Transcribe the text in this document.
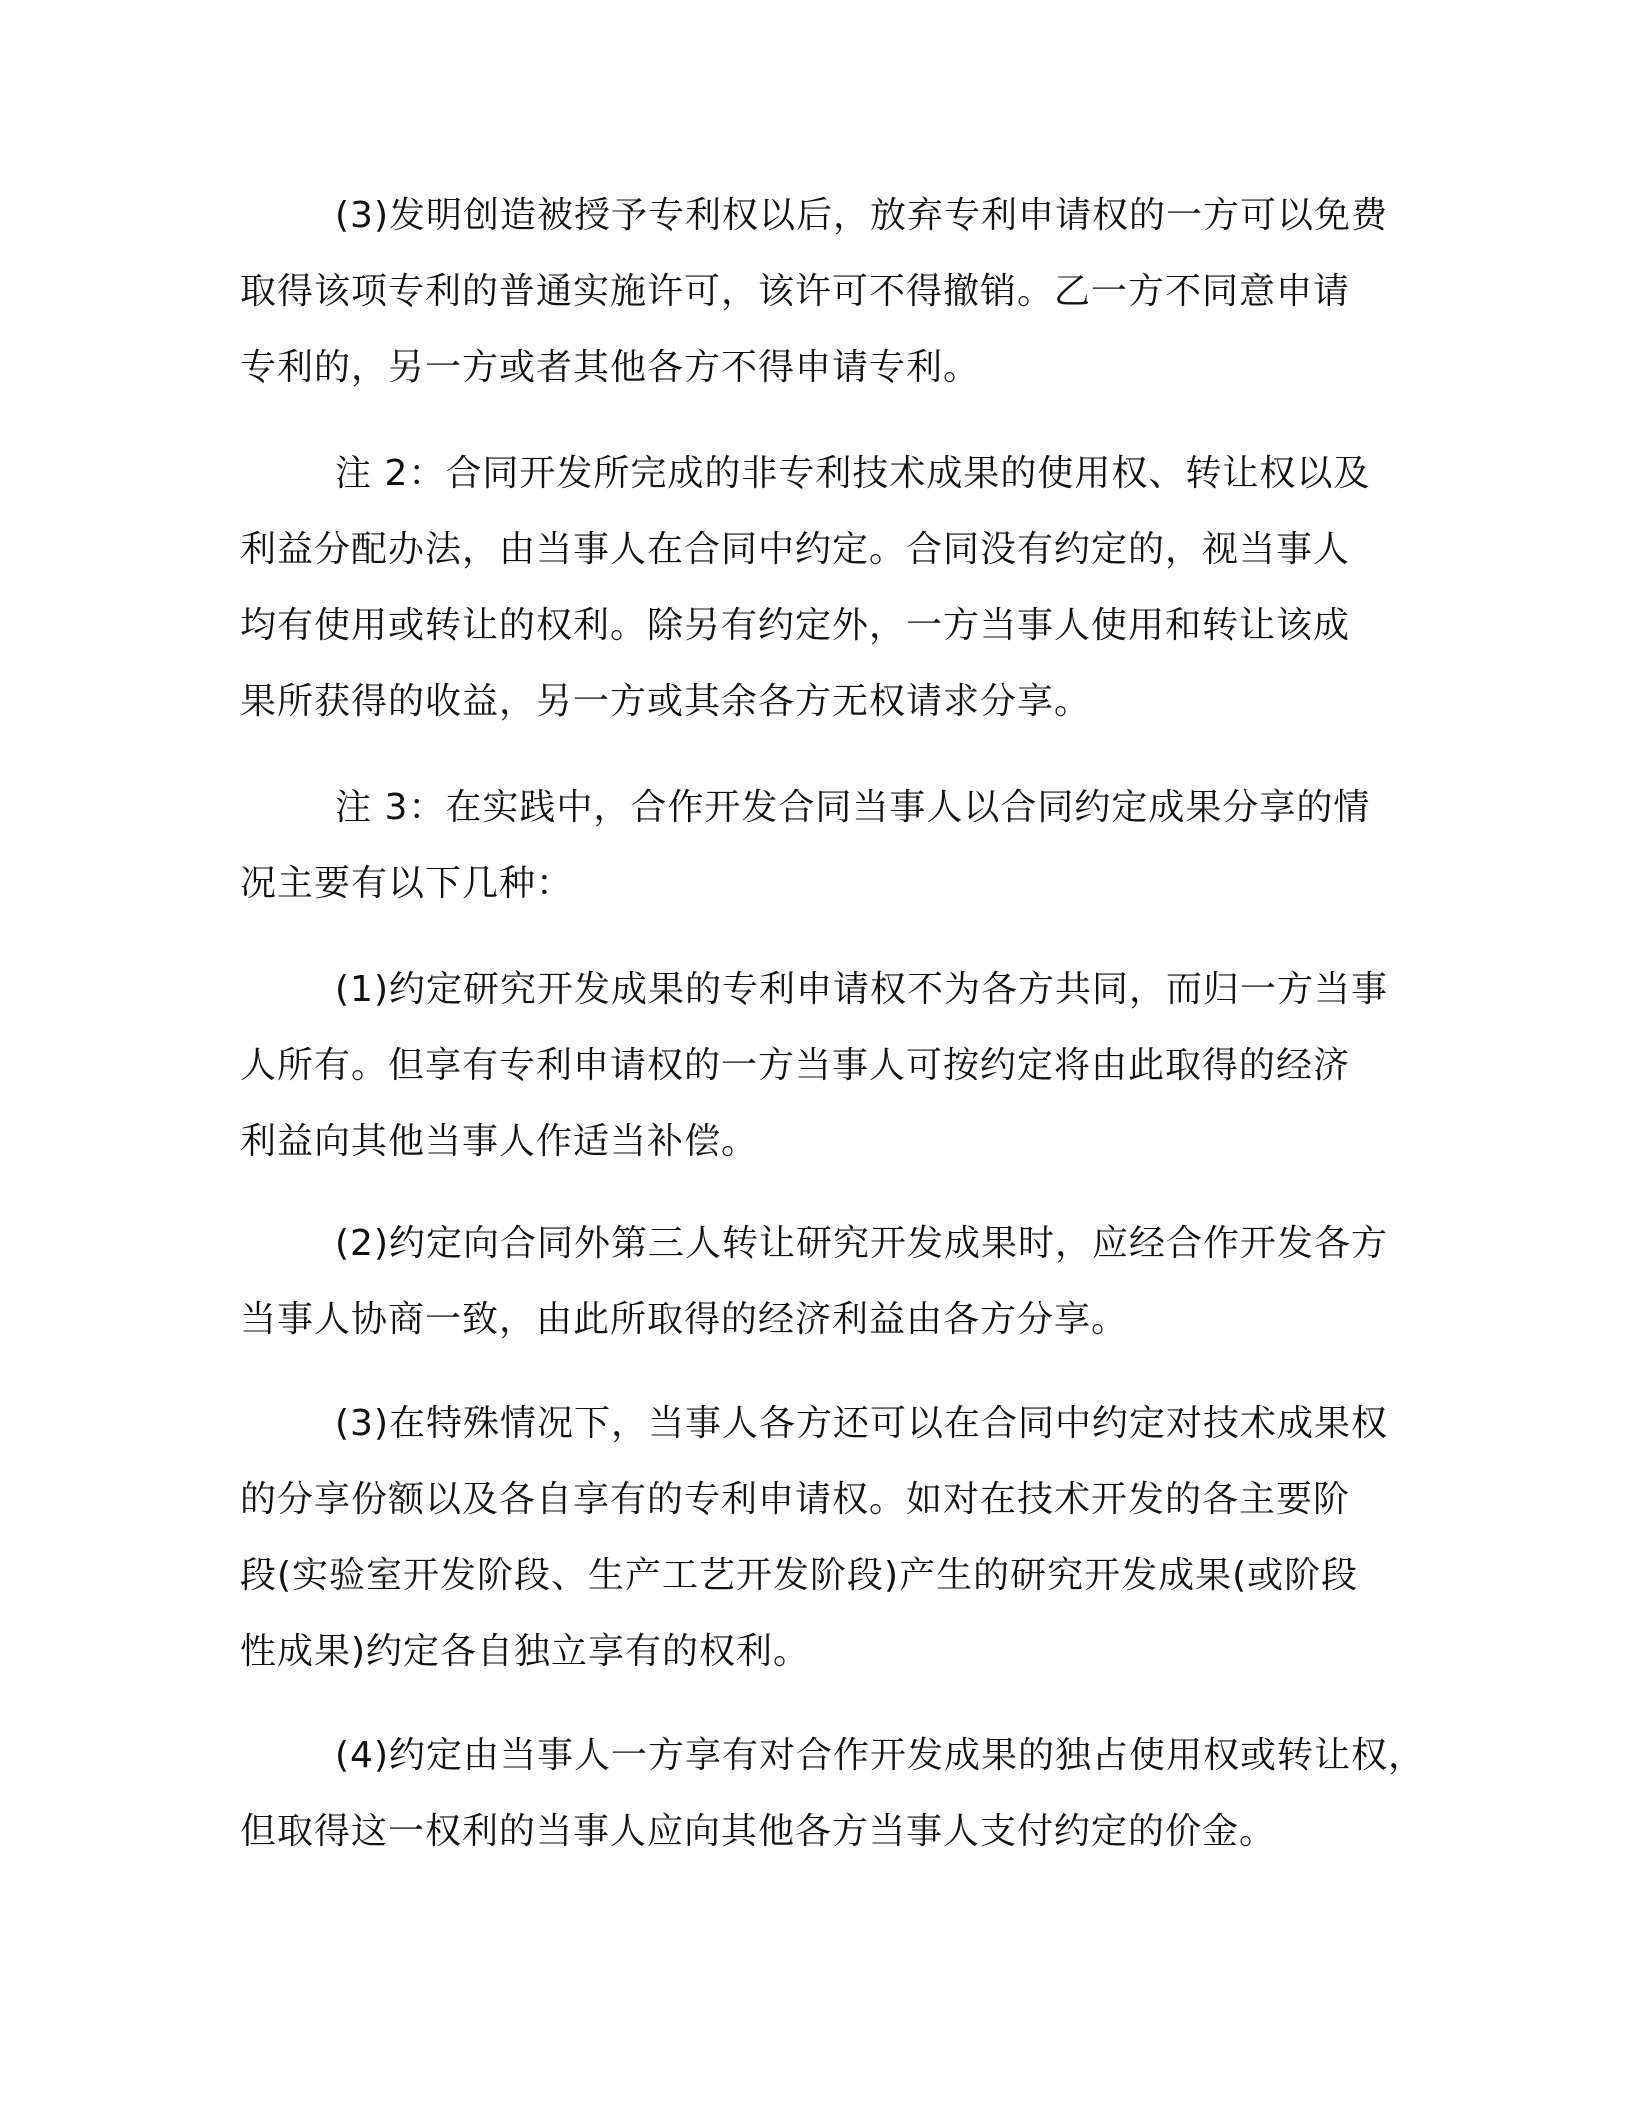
(3)发明创造被授予专利权以后，放弃专利申请权的一方可以免费
取得该项专利的普通实施许可，该许可不得撤销。乙一方不同意申请
专利的，另一方或者其他各方不得申请专利。
注 2：合同开发所完成的非专利技术成果的使用权、转让权以及
利益分配办法，由当事人在合同中约定。合同没有约定的，视当事人
均有使用或转让的权利。除另有约定外，一方当事人使用和转让该成
果所获得的收益，另一方或其余各方无权请求分享。
注 3：在实践中，合作开发合同当事人以合同约定成果分享的情
况主要有以下几种：
(1)约定研究开发成果的专利申请权不为各方共同，而归一方当事
人所有。但享有专利申请权的一方当事人可按约定将由此取得的经济
利益向其他当事人作适当补偿。
(2)约定向合同外第三人转让研究开发成果时，应经合作开发各方
当事人协商一致，由此所取得的经济利益由各方分享。
(3)在特殊情况下，当事人各方还可以在合同中约定对技术成果权
的分享份额以及各自享有的专利申请权。如对在技术开发的各主要阶
段(实验室开发阶段、生产工艺开发阶段)产生的研究开发成果(或阶段
性成果)约定各自独立享有的权利。
(4)约定由当事人一方享有对合作开发成果的独占使用权或转让权，
但取得这一权利的当事人应向其他各方当事人支付约定的价金。
